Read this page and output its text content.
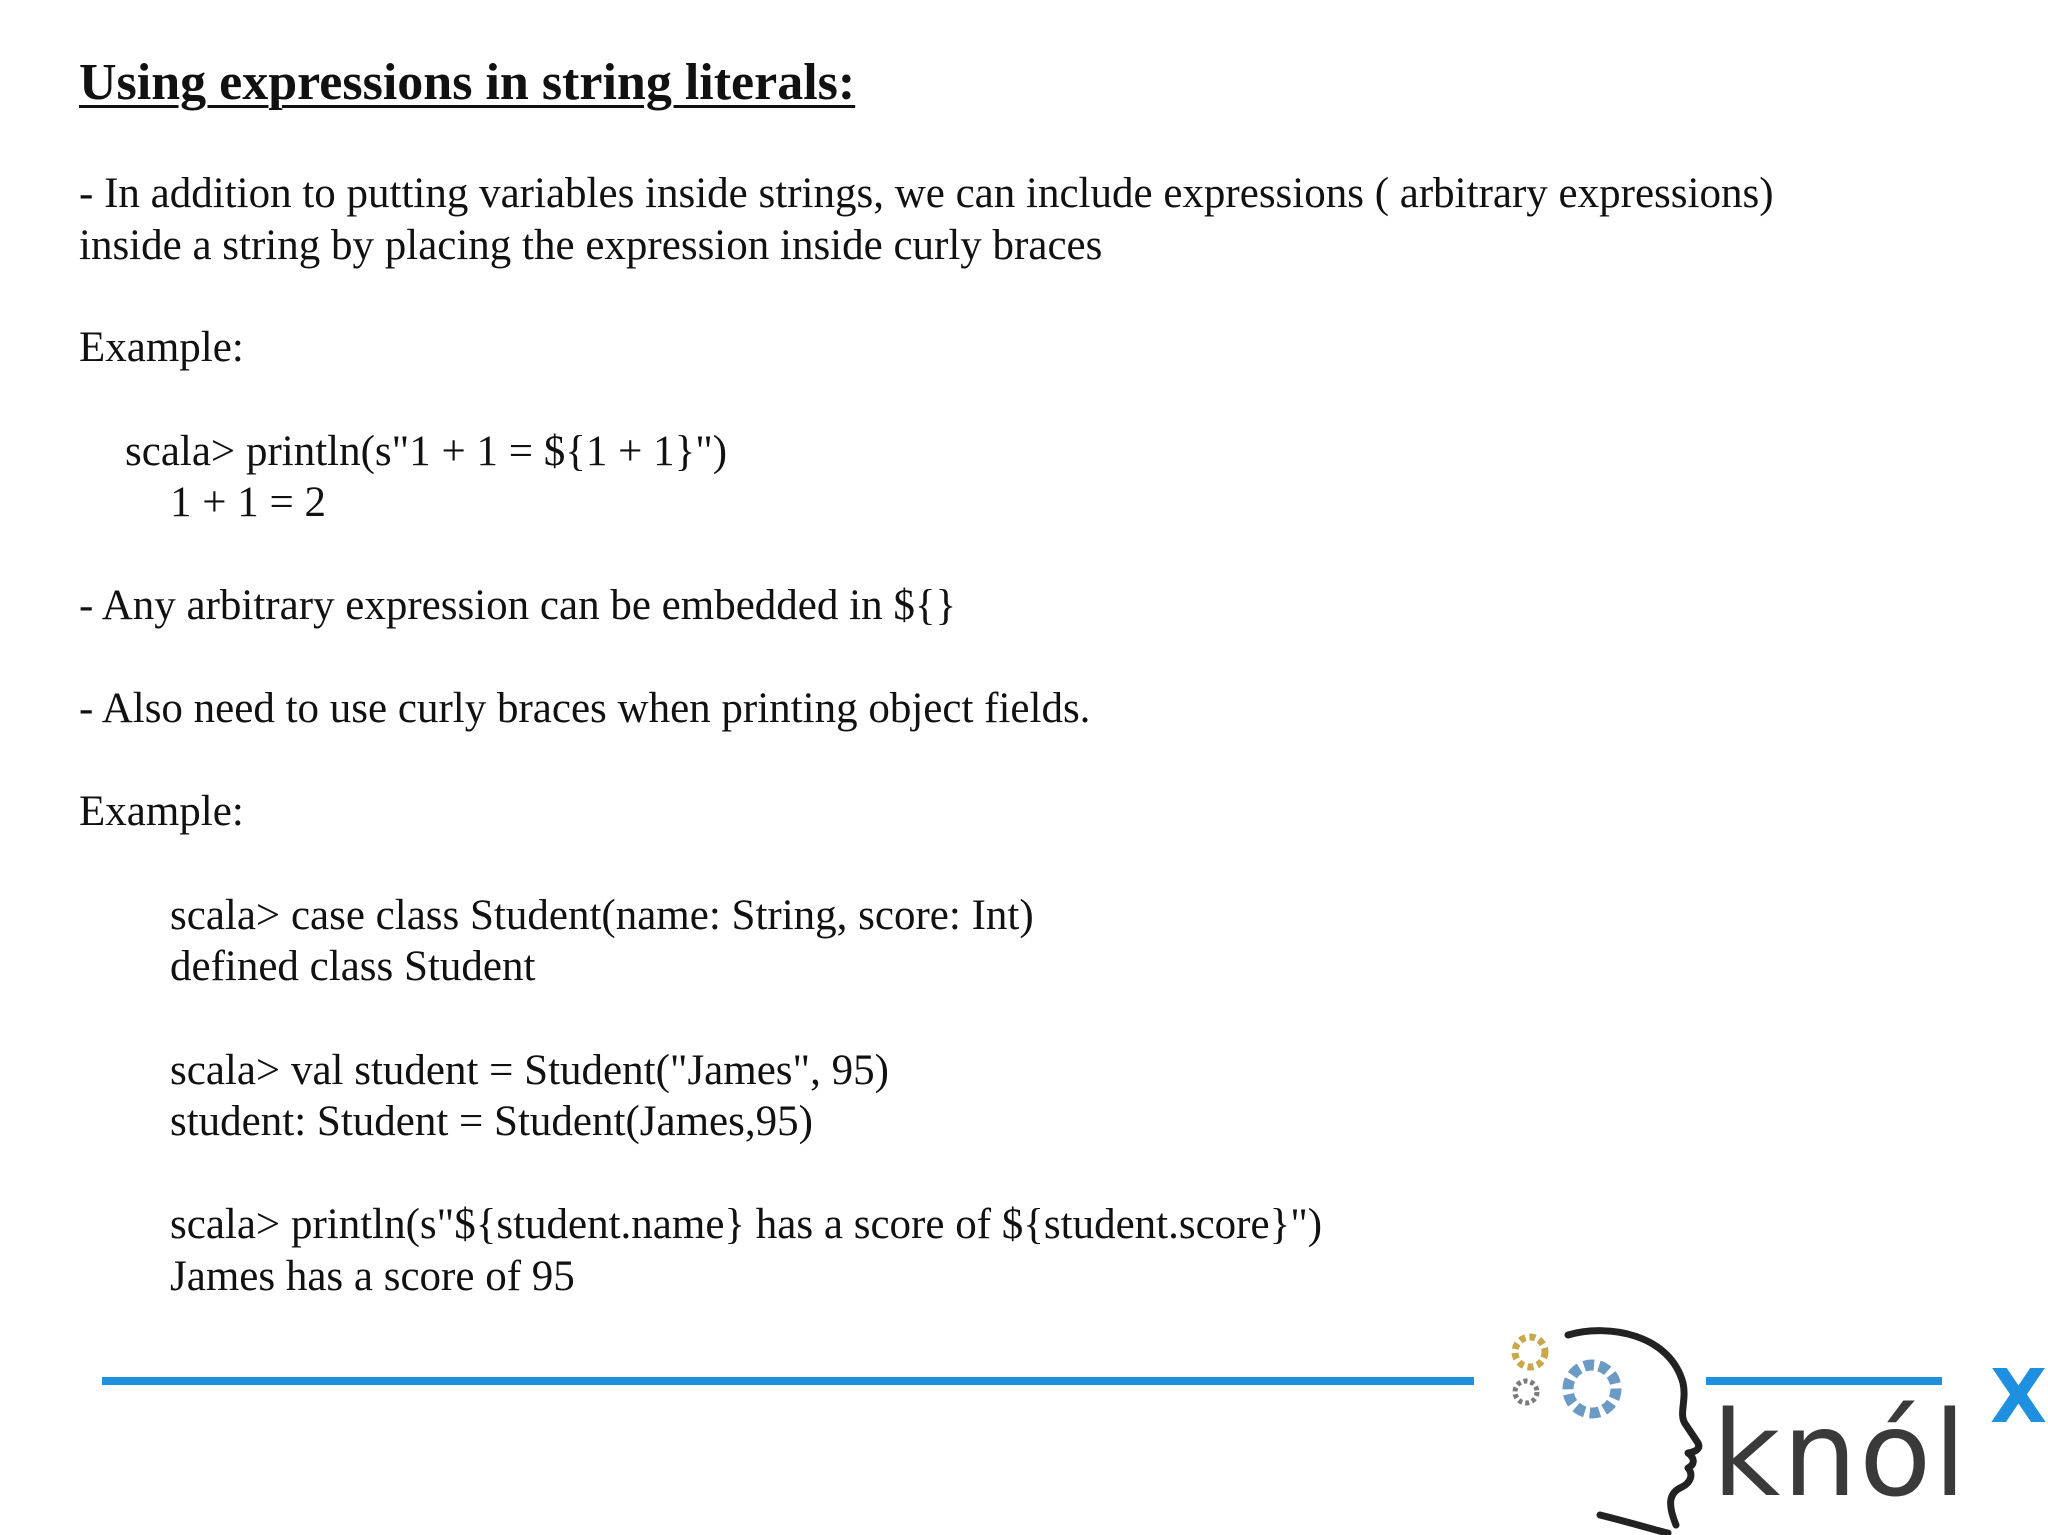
Using expressions in string literals:
- In addition to putting variables inside strings, we can include expressions ( arbitrary expressions)
inside a string by placing the expression inside curly braces
Example:
scala> println(s"1 + 1 = ${1 + 1}")
1 + 1 = 2
- Any arbitrary expression can be embedded in ${}
- Also need to use curly braces when printing object fields.
Example:
scala> case class Student(name: String, score: Int)
defined class Student
scala> val student = Student("James", 95)
student: Student = Student(James,95)
scala> println(s"${student.name} has a score of ${student.score}")
James has a score of 95
knól X
